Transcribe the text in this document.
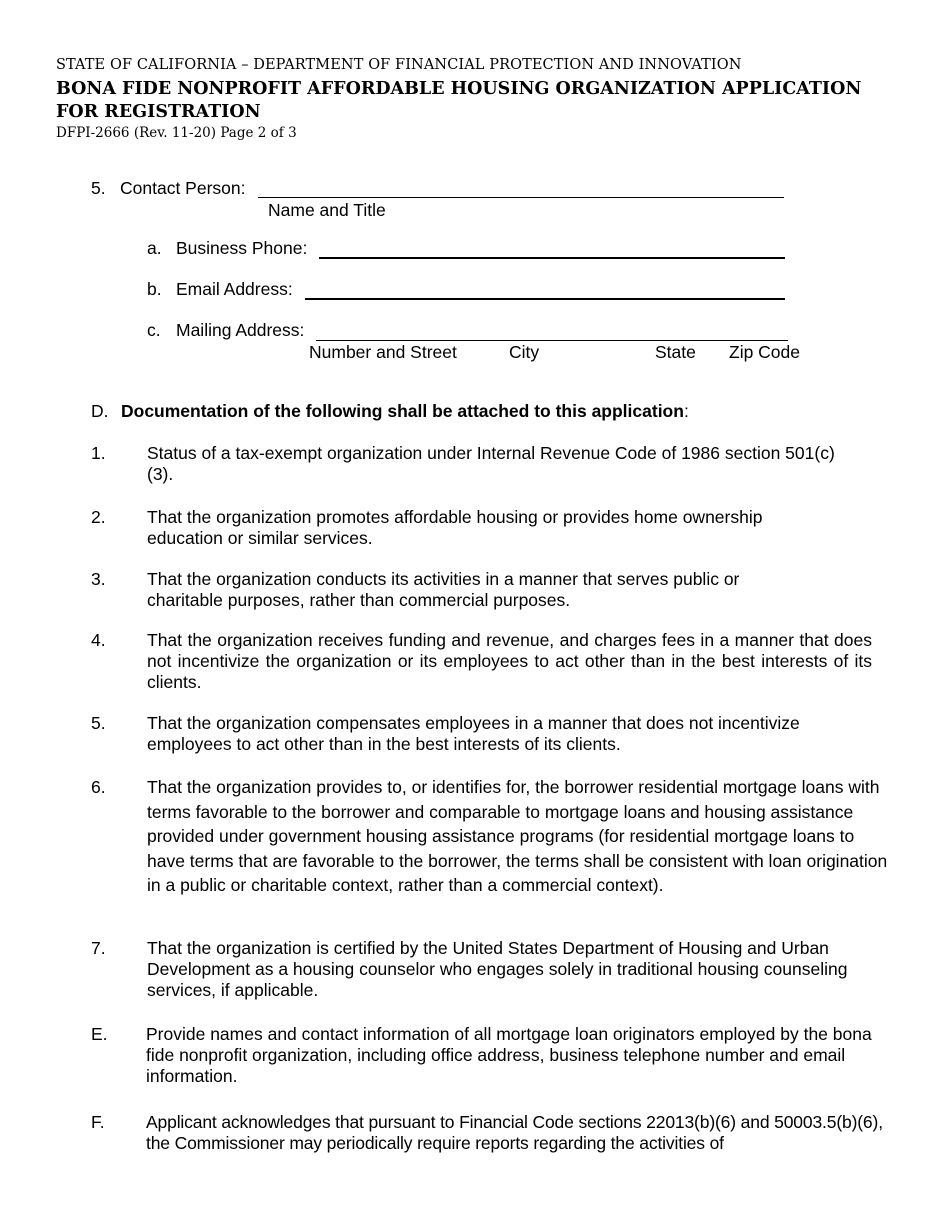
STATE OF CALIFORNIA – DEPARTMENT OF FINANCIAL PROTECTION AND INNOVATION
BONA FIDE NONPROFIT AFFORDABLE HOUSING ORGANIZATION APPLICATION
FOR REGISTRATION
DFPI-2666 (Rev. 11-20) Page 2 of 3
5. Contact Person:
Name and Title
a. Business Phone:
b. Email Address:
c. Mailing Address:
Number and Street	City	State Zip Code
D. Documentation of the following shall be attached to this application:
1. Status of a tax-exempt organization under Internal Revenue Code of 1986 section 501(c)(3).
2. That the organization promotes affordable housing or provides home ownership education or similar services.
3. That the organization conducts its activities in a manner that serves public or charitable purposes, rather than commercial purposes.
4. That the organization receives funding and revenue, and charges fees in a manner that does not incentivize the organization or its employees to act other than in the best interests of its clients.
5. That the organization compensates employees in a manner that does not incentivize employees to act other than in the best interests of its clients.
6. That the organization provides to, or identifies for, the borrower residential mortgage loans with terms favorable to the borrower and comparable to mortgage loans and housing assistance provided under government housing assistance programs (for residential mortgage loans to have terms that are favorable to the borrower, the terms shall be consistent with loan origination in a public or charitable context, rather than a commercial context).
7. That the organization is certified by the United States Department of Housing and Urban Development as a housing counselor who engages solely in traditional housing counseling services, if applicable.
E. Provide names and contact information of all mortgage loan originators employed by the bona fide nonprofit organization, including office address, business telephone number and email information.
F. Applicant acknowledges that pursuant to Financial Code sections 22013(b)(6) and 50003.5(b)(6), the Commissioner may periodically require reports regarding the activities of
